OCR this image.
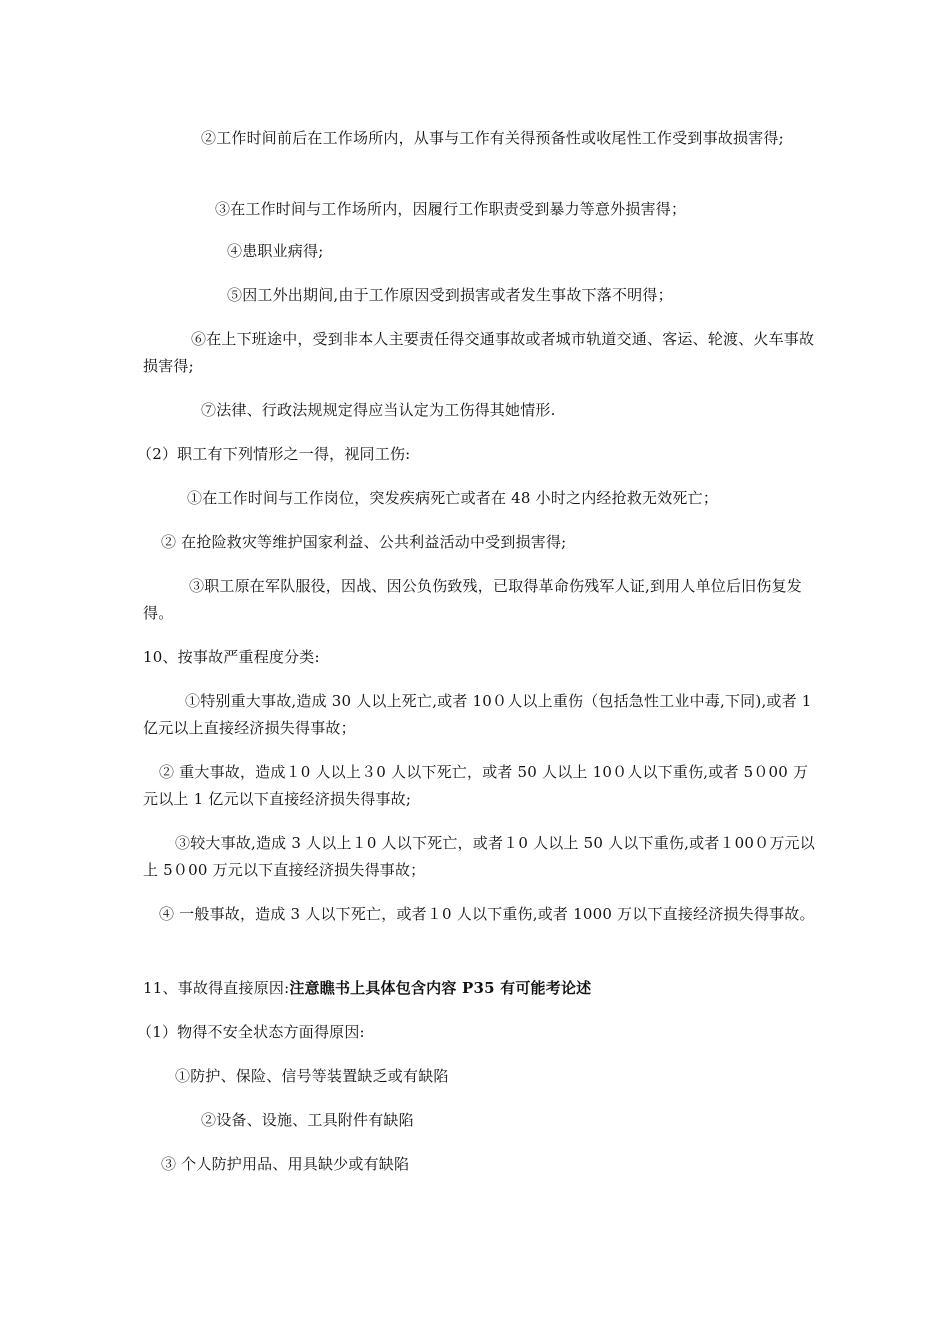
②工作时间前后在工作场所内，从事与工作有关得预备性或收尾性工作受到事故损害得;
③在工作时间与工作场所内，因履行工作职责受到暴力等意外损害得；
④患职业病得;
⑤因工外出期间,由于工作原因受到损害或者发生事故下落不明得；
⑥在上下班途中，受到非本人主要责任得交通事故或者城市轨道交通、客运、轮渡、火车事故损害得;
⑦法律、行政法规规定得应当认定为工伤得其她情形.
（2）职工有下列情形之一得，视同工伤:
①在工作时间与工作岗位，突发疾病死亡或者在 48 小时之内经抢救无效死亡；
② 在抢险救灾等维护国家利益、公共利益活动中受到损害得;
③职工原在军队服役，因战、因公负伤致残，已取得革命伤残军人证,到用人单位后旧伤复发得。
10、按事故严重程度分类:
①特别重大事故,造成 30 人以上死亡,或者 10０人以上重伤（包括急性工业中毒,下同),或者 1 亿元以上直接经济损失得事故；
② 重大事故，造成１0 人以上３0 人以下死亡，或者 50 人以上 10０人以下重伤,或者 5０00 万元以上 1 亿元以下直接经济损失得事故;
③较大事故,造成 3 人以上１0 人以下死亡，或者１0 人以上 50 人以下重伤,或者１00０万元以上 5０00 万元以下直接经济损失得事故；
④ 一般事故，造成 3 人以下死亡，或者１0 人以下重伤,或者 1000 万以下直接经济损失得事故。
11、事故得直接原因:注意瞧书上具体包含内容 P35 有可能考论述
（1）物得不安全状态方面得原因:
①防护、保险、信号等装置缺乏或有缺陷
②设备、设施、工具附件有缺陷
③ 个人防护用品、用具缺少或有缺陷
